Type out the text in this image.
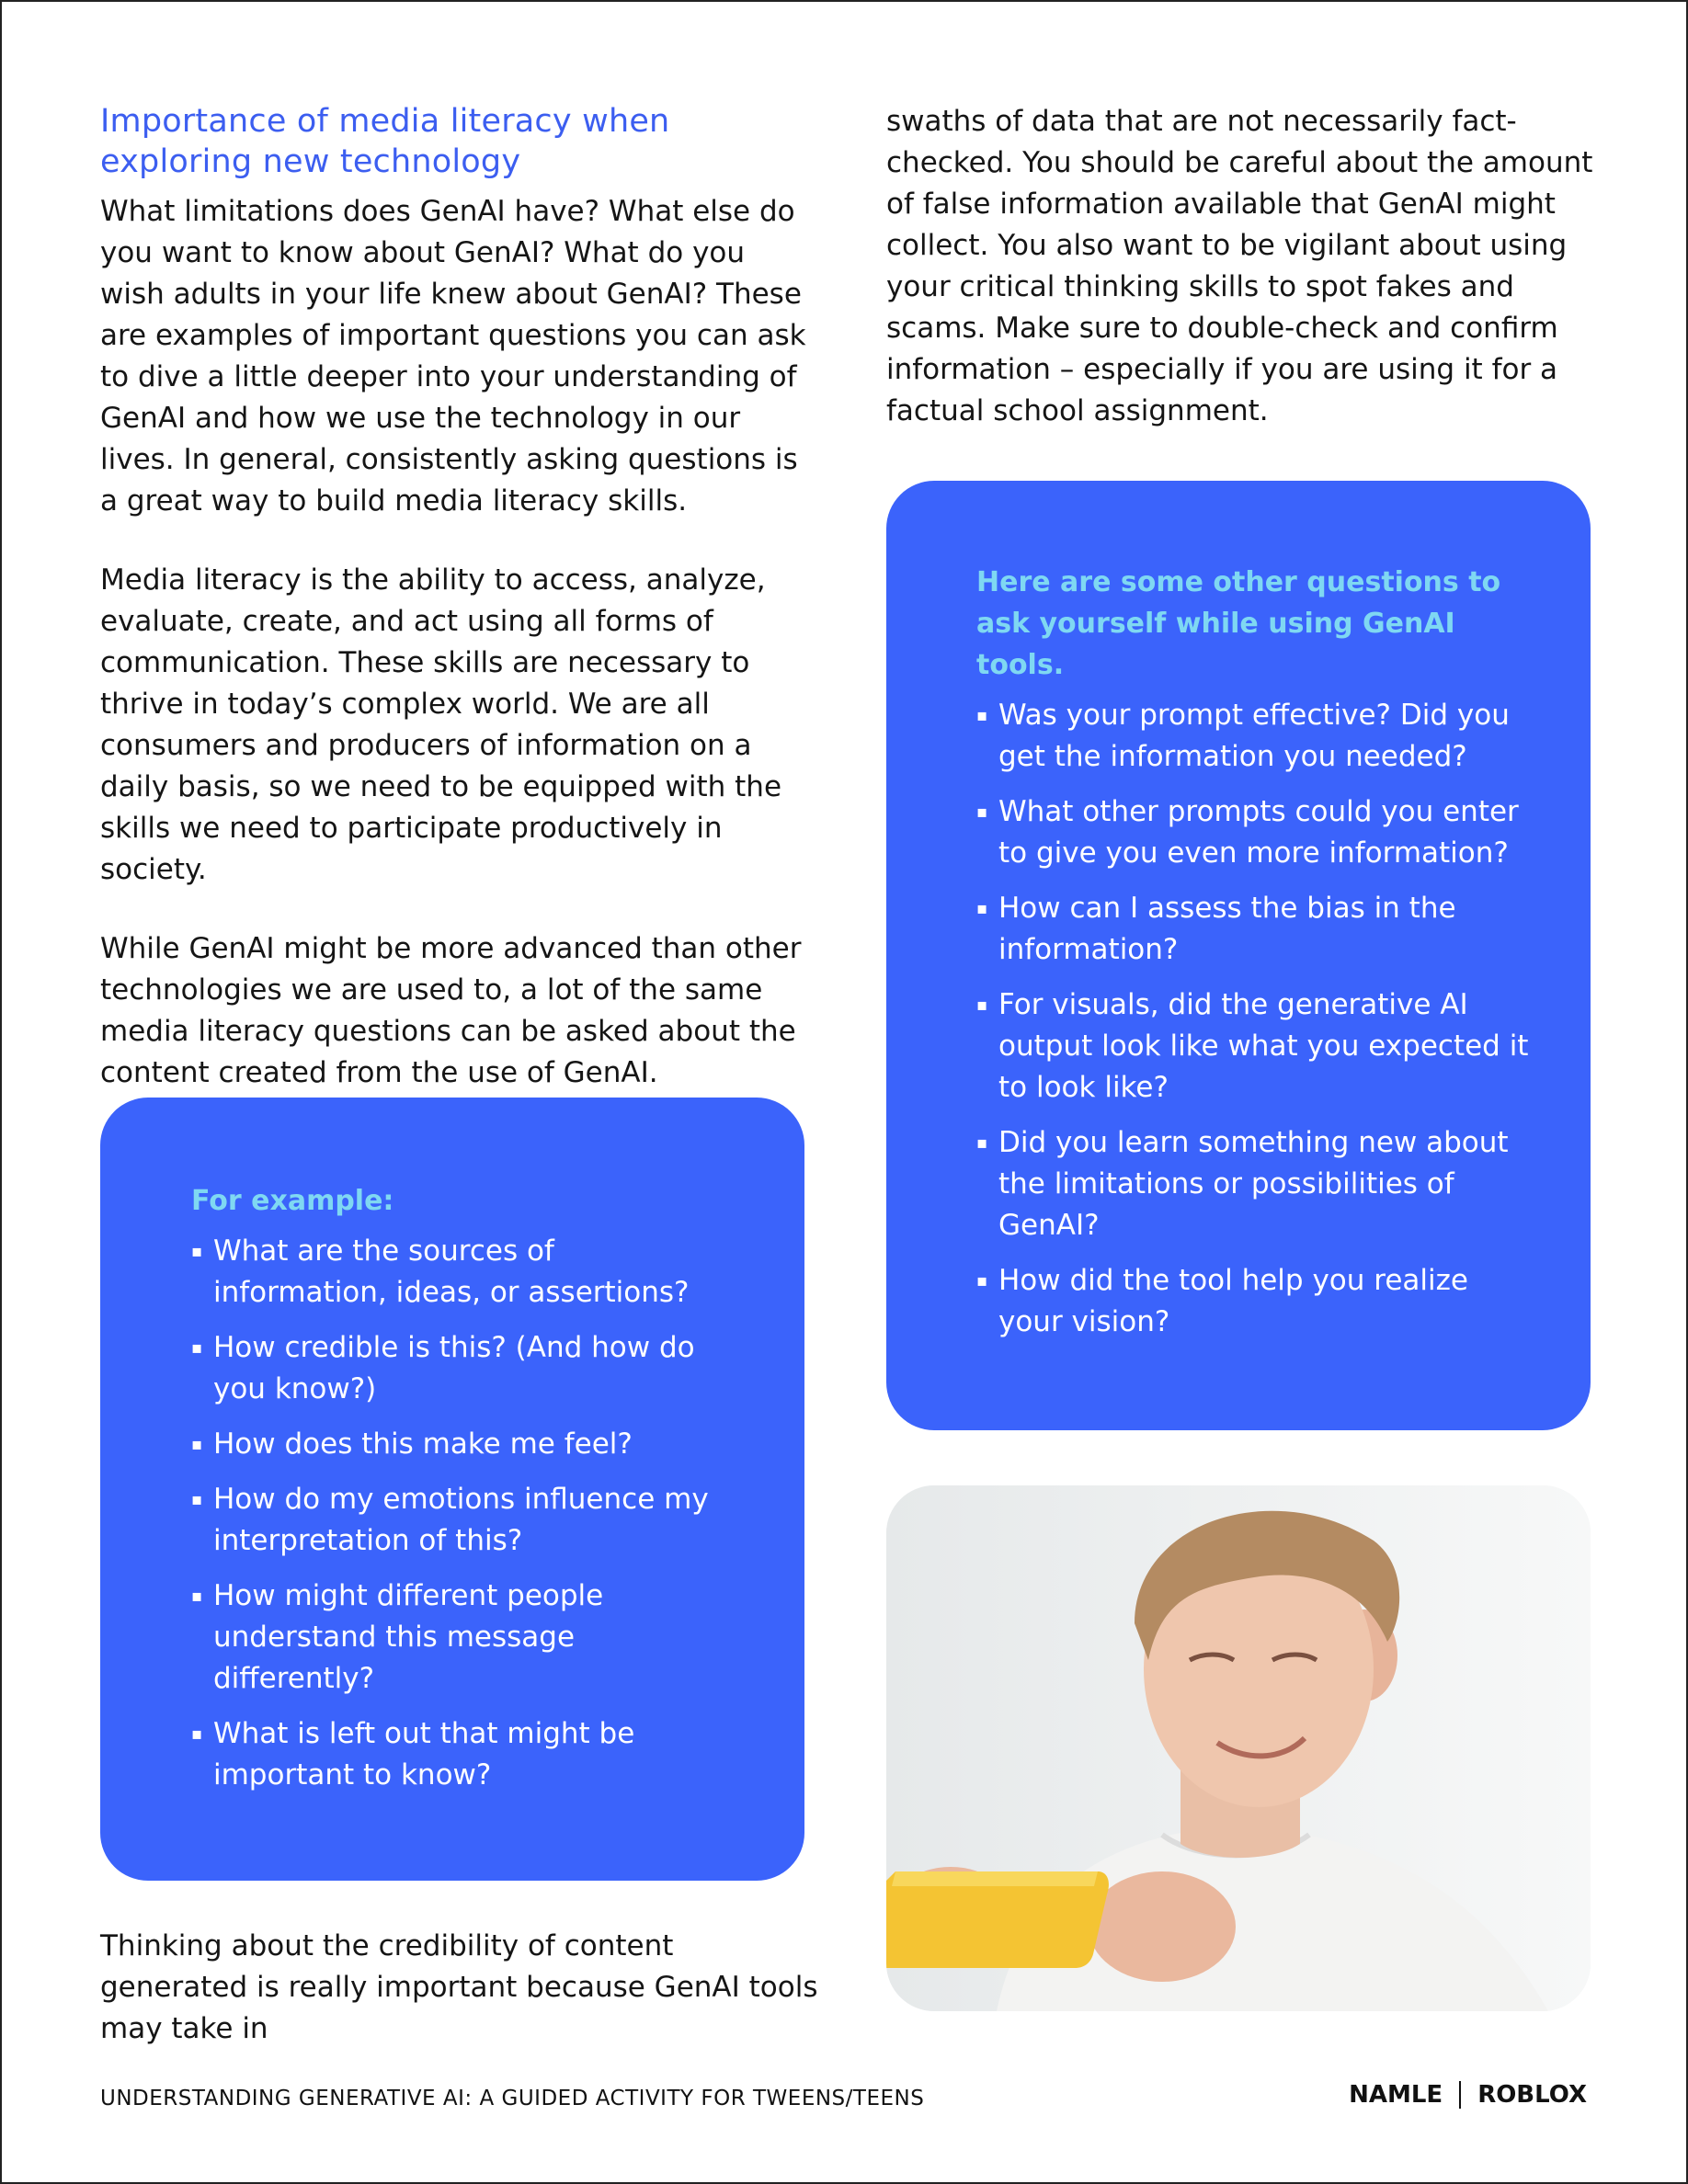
Importance of media literacy when exploring new technology

What limitations does GenAI have? What else do you want to know about GenAI? What do you wish adults in your life knew about GenAI? These are examples of important questions you can ask to dive a little deeper into your understanding of GenAI and how we use the technology in our lives. In general, consistently asking questions is a great way to build media literacy skills.

Media literacy is the ability to access, analyze, evaluate, create, and act using all forms of communication. These skills are necessary to thrive in today’s complex world. We are all consumers and producers of information on a daily basis, so we need to be equipped with the skills we need to participate productively in society.

While GenAI might be more advanced than other technologies we are used to, a lot of the same media literacy questions can be asked about the content created from the use of GenAI.

For example:
▪ What are the sources of information, ideas, or assertions?
▪ How credible is this? (And how do you know?)
▪ How does this make me feel?
▪ How do my emotions influence my interpretation of this?
▪ How might different people understand this message differently?
▪ What is left out that might be important to know?

Thinking about the credibility of content generated is really important because GenAI tools may take in

swaths of data that are not necessarily fact-checked. You should be careful about the amount of false information available that GenAI might collect. You also want to be vigilant about using your critical thinking skills to spot fakes and scams. Make sure to double-check and confirm information – especially if you are using it for a factual school assignment.

Here are some other questions to ask yourself while using GenAI tools.
▪ Was your prompt effective? Did you get the information you needed?
▪ What other prompts could you enter to give you even more information?
▪ How can I assess the bias in the information?
▪ For visuals, did the generative AI output look like what you expected it to look like?
▪ Did you learn something new about the limitations or possibilities of GenAI?
▪ How did the tool help you realize your vision?
UNDERSTANDING GENERATIVE AI: A GUIDED ACTIVITY FOR TWEENS/TEENS	NAMLE ROBLOX
